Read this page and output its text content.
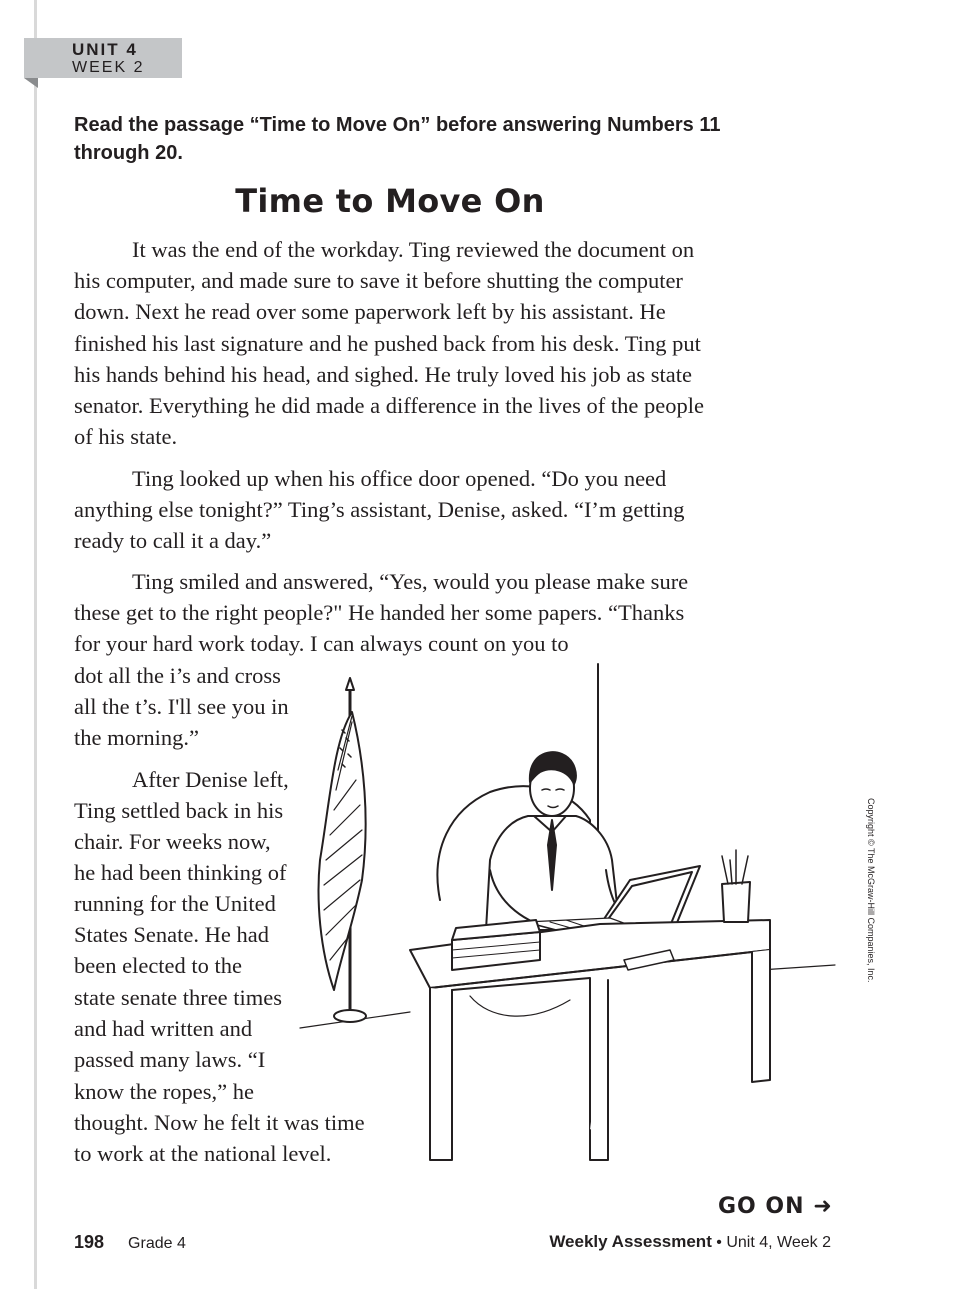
UNIT 4
WEEK 2
Read the passage “Time to Move On” before answering Numbers 11 through 20.
Time to Move On

It was the end of the workday. Ting reviewed the document on his computer, and made sure to save it before shutting the computer down. Next he read over some paperwork left by his assistant. He finished his last signature and he pushed back from his desk. Ting put his hands behind his head, and sighed. He truly loved his job as state senator. Everything he did made a difference in the lives of the people of his state.

Ting looked up when his office door opened. “Do you need anything else tonight?” Ting’s assistant, Denise, asked. “I’m getting ready to call it a day.”

Ting smiled and answered, “Yes, would you please make sure these get to the right people?" He handed her some papers. “Thanks for your hard work today. I can always count on you to

dot all the i’s and cross
all the t’s. I'll see you in
the morning.”
After Denise left,
Ting settled back in his
chair. For weeks now,
he had been thinking of
running for the United
States Senate. He had
been elected to the
state senate three times
and had written and
passed many laws. “I
know the ropes,” he
thought. Now he felt it was time
to work at the national level.
Copyright © The McGraw-Hill Companies, Inc.
GO ON ➜
198 Grade 4	Weekly Assessment • Unit 4, Week 2
